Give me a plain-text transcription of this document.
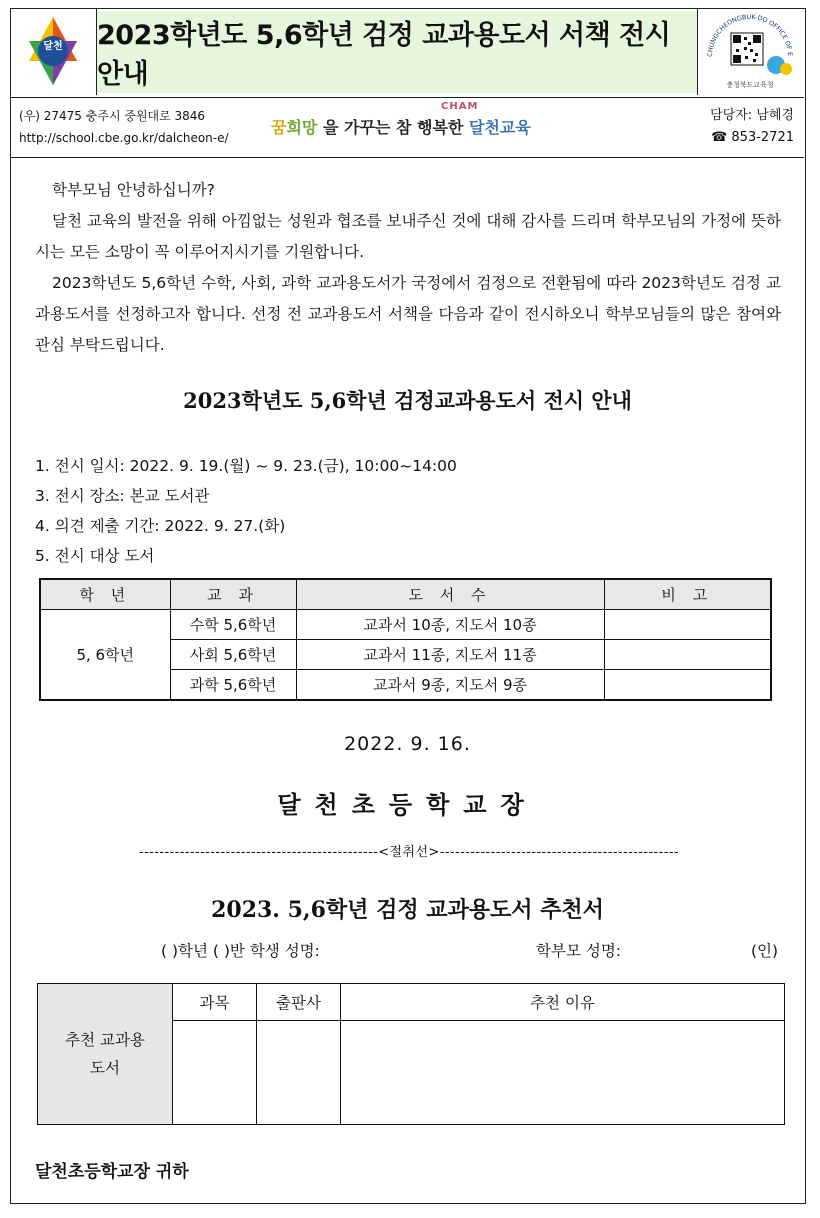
달천 2023학년도 5,6학년 검정 교과용도서 서책 전시 안내
CHUNGCHEONGBUK-DO OFFICE OF E
충청북도교육청
(우) 27475 충주시 중원대로 3846
http://school.cbe.go.kr/dalcheon-e/
꿈희망 을 가꾸는 참
CHAM
행복한 달천교육
담당자: 남혜경
☎ 853-2721

학부모님 안녕하십니까?

달천 교육의 발전을 위해 아낌없는 성원과 협조를 보내주신 것에 대해 감사를 드리며 학부모님의 가정에 뜻하시는 모든 소망이 꼭 이루어지시기를 기원합니다.

2023학년도 5,6학년 수학, 사회, 과학 교과용도서가 국정에서 검정으로 전환됨에 따라 2023학년도 검정 교과용도서를 선정하고자 합니다. 선정 전 교과용도서 서책을 다음과 같이 전시하오니 학부모님들의 많은 참여와 관심 부탁드립니다.

2023학년도 5,6학년 검정교과용도서 전시 안내
1. 전시 일시: 2022. 9. 19.(월) ~ 9. 23.(금), 10:00~14:00
3. 전시 장소: 본교 도서관
4. 의견 제출 기간: 2022. 9. 27.(화)
5. 전시 대상 도서
학 년	교 과	도 서 수	비 고
5, 6학년	수학 5,6학년	교과서 10종, 지도서 10종	
	사회 5,6학년	교과서 11종, 지도서 11종	
	과학 5,6학년	교과서 9종, 지도서 9종	
2022. 9. 16.
달천초등학교장
-----------------------------------------------<절취선>-----------------------------------------------
2023. 5,6학년 검정 교과용도서 추천서
( )학년 ( )반 학생 성명:	학부모 성명:	(인)
추천 교과용도서	과목	출판사	추천 이유

달천초등학교장 귀하
